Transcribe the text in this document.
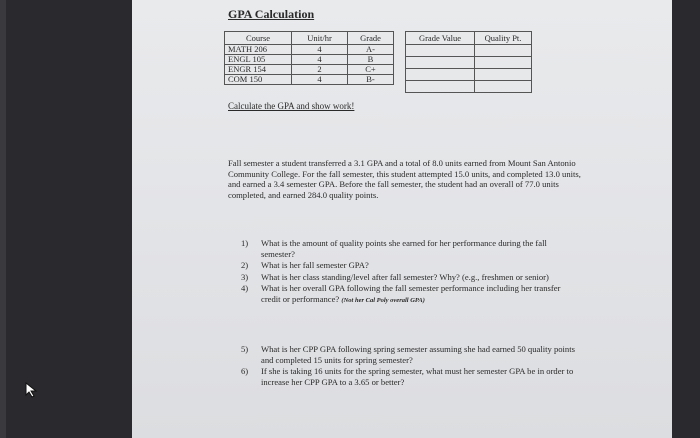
GPA Calculation
Course	Unit/hr	Grade
MATH 206	4	A-
ENGL 105	4	B
ENGR 154	2	C+
COM 150	4	B-
Grade Value	Quality Pt.

Calculate the GPA and show work!
Fall semester a student transferred a 3.1 GPA and a total of 8.0 units earned from Mount San Antonio Community College. For the fall semester, this student attempted 15.0 units, and completed 13.0 units, and earned a 3.4 semester GPA. Before the fall semester, the student had an overall of 77.0 units completed, and earned 284.0 quality points.
1) What is the amount of quality points she earned for her performance during the fall semester?
2) What is her fall semester GPA?
3) What is her class standing/level after fall semester? Why? (e.g., freshmen or senior)
4) What is her overall GPA following the fall semester performance including her transfer credit or performance? (Not her Cal Poly overall GPA)
5) What is her CPP GPA following spring semester assuming she had earned 50 quality points and completed 15 units for spring semester?
6) If she is taking 16 units for the spring semester, what must her semester GPA be in order to increase her CPP GPA to a 3.65 or better?
